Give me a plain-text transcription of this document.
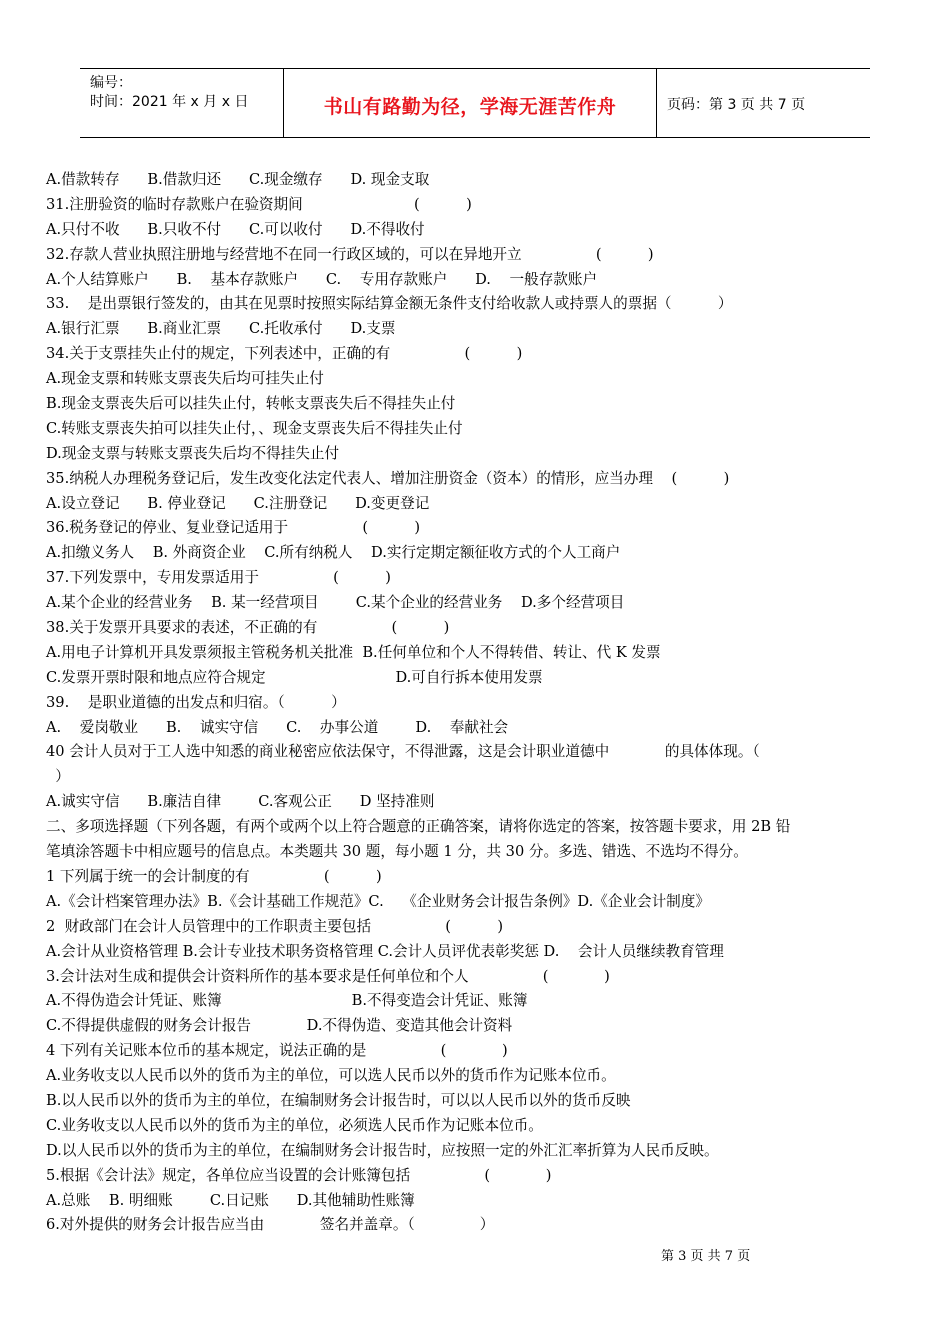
编号：
时间：2021 年 x 月 x 日	书山有路勤为径，学海无涯苦作舟	页码：第 3 页 共 7 页
A.借款转存      B.借款归还      C.现金缴存      D. 现金支取
31.注册验资的临时存款账户在验资期间                        (          )
A.只付不收      B.只收不付      C.可以收付      D.不得收付
32.存款人营业执照注册地与经营地不在同一行政区域的，可以在异地开立                (          )
A.个人结算账户      B.    基本存款账户      C.    专用存款账户      D.    一般存款账户
33.    是出票银行签发的，由其在见票时按照实际结算金额无条件支付给收款人或持票人的票据（          ）
A.银行汇票      B.商业汇票      C.托收承付      D.支票
34.关于支票挂失止付的规定，下列表述中，正确的有                (          )
A.现金支票和转账支票丧失后均可挂失止付
B.现金支票丧失后可以挂失止付，转帐支票丧失后不得挂失止付
C.转账支票丧失拍可以挂失止付，、现金支票丧失后不得挂失止付
D.现金支票与转账支票丧失后均不得挂失止付
35.纳税人办理税务登记后，发生改变化法定代表人、增加注册资金（资本）的情形，应当办理    (          )
A.设立登记      B. 停业登记      C.注册登记      D.变更登记
36.税务登记的停业、复业登记适用于                (          )
A.扣缴义务人    B. 外商资企业    C.所有纳税人    D.实行定期定额征收方式的个人工商户
37.下列发票中，专用发票适用于                (          )
A.某个企业的经营业务    B. 某一经营项目        C.某个企业的经营业务    D.多个经营项目
38.关于发票开具要求的表述，不正确的有                (          )
A.用电子计算机开具发票须报主管税务机关批准  B.任何单位和个人不得转借、转让、代 K 发票
C.发票开票时限和地点应符合规定                            D.可自行拆本使用发票
39.    是职业道德的出发点和归宿。（          ）
A.    爱岗敬业      B.    诚实守信      C.    办事公道        D.    奉献社会
40 会计人员对于工人选中知悉的商业秘密应依法保守，不得泄露，这是会计职业道德中            的具体体现。（
）
A.诚实守信      B.廉洁自律        C.客观公正      D 坚持准则
二、多项选择题（下列各题，有两个或两个以上符合题意的正确答案，请将你选定的答案，按答题卡要求，用 2B 铅
笔填涂答题卡中相应题号的信息点。本类题共 30 题，每小题 1 分，共 30 分。多选、错选、不选均不得分。
1 下列属于统一的会计制度的有                (          )
A.《会计档案管理办法》B.《会计基础工作规范》C.    《企业财务会计报告条例》D.《企业会计制度》
2  财政部门在会计人员管理中的工作职责主要包括                (          )
A.会计从业资格管理 B.会计专业技术职务资格管理 C.会计人员评优表彰奖惩 D.    会计人员继续教育管理
3.会计法对生成和提供会计资料所作的基本要求是任何单位和个人                (            )
A.不得伪造会计凭证、账簿                            B.不得变造会计凭证、账簿
C.不得提供虚假的财务会计报告            D.不得伪造、变造其他会计资料
4 下列有关记账本位币的基本规定，说法正确的是                (            )
A.业务收支以人民币以外的货币为主的单位，可以选人民币以外的货币作为记账本位币。
B.以人民币以外的货币为主的单位，在编制财务会计报告时，可以以人民币以外的货币反映
C.业务收支以人民币以外的货币为主的单位，必须选人民币作为记账本位币。
D.以人民币以外的货币为主的单位，在编制财务会计报告时，应按照一定的外汇汇率折算为人民币反映。
5.根据《会计法》规定，各单位应当设置的会计账簿包括                (            )
A.总账    B. 明细账        C.日记账      D.其他辅助性账簿
6.对外提供的财务会计报告应当由            签名并盖章。（              ）
第 3 页 共 7 页
